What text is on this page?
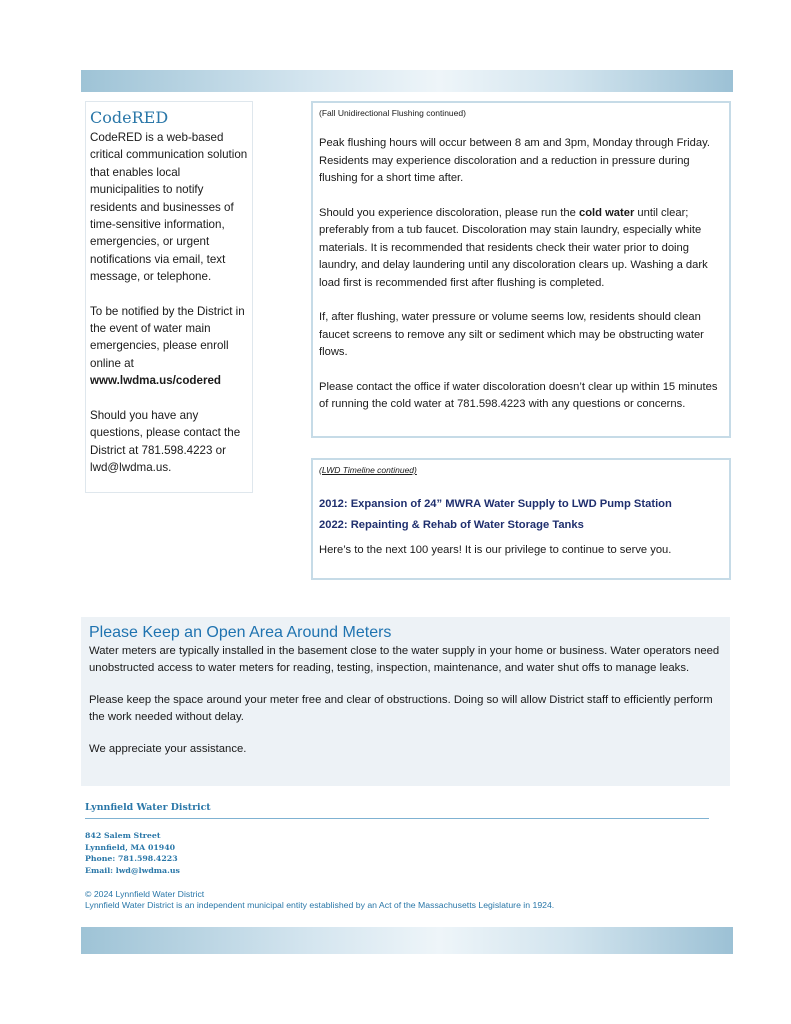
CodeRED

CodeRED is a web-based critical communication solution that enables local municipalities to notify residents and businesses of time-sensitive information, emergencies, or urgent notifications via email, text message, or telephone.

To be notified by the District in the event of water main emergencies, please enroll online at www.lwdma.us/codered

Should you have any questions, please contact the District at 781.598.4223 or lwd@lwdma.us.

(Fall Unidirectional Flushing continued)

Peak flushing hours will occur between 8 am and 3pm, Monday through Friday. Residents may experience discoloration and a reduction in pressure during flushing for a short time after.

Should you experience discoloration, please run the cold water until clear; preferably from a tub faucet. Discoloration may stain laundry, especially white materials. It is recommended that residents check their water prior to doing laundry, and delay laundering until any discoloration clears up. Washing a dark load first is recommended first after flushing is completed.

If, after flushing, water pressure or volume seems low, residents should clean faucet screens to remove any silt or sediment which may be obstructing water flows.

Please contact the office if water discoloration doesn’t clear up within 15 minutes of running the cold water at 781.598.4223 with any questions or concerns.

(LWD Timeline continued)
2012: Expansion of 24” MWRA Water Supply to LWD Pump Station
2022: Repainting & Rehab of Water Storage Tanks
Here’s to the next 100 years! It is our privilege to continue to serve you.
Please Keep an Open Area Around Meters

Water meters are typically installed in the basement close to the water supply in your home or business. Water operators need unobstructed access to water meters for reading, testing, inspection, maintenance, and water shut offs to manage leaks.

Please keep the space around your meter free and clear of obstructions. Doing so will allow District staff to efficiently perform the work needed without delay.

We appreciate your assistance.

Lynnfield Water District
842 Salem Street
Lynnfield, MA 01940
Phone: 781.598.4223
Email: lwd@lwdma.us
© 2024 Lynnfield Water District
Lynnfield Water District is an independent municipal entity established by an Act of the Massachusetts Legislature in 1924.
